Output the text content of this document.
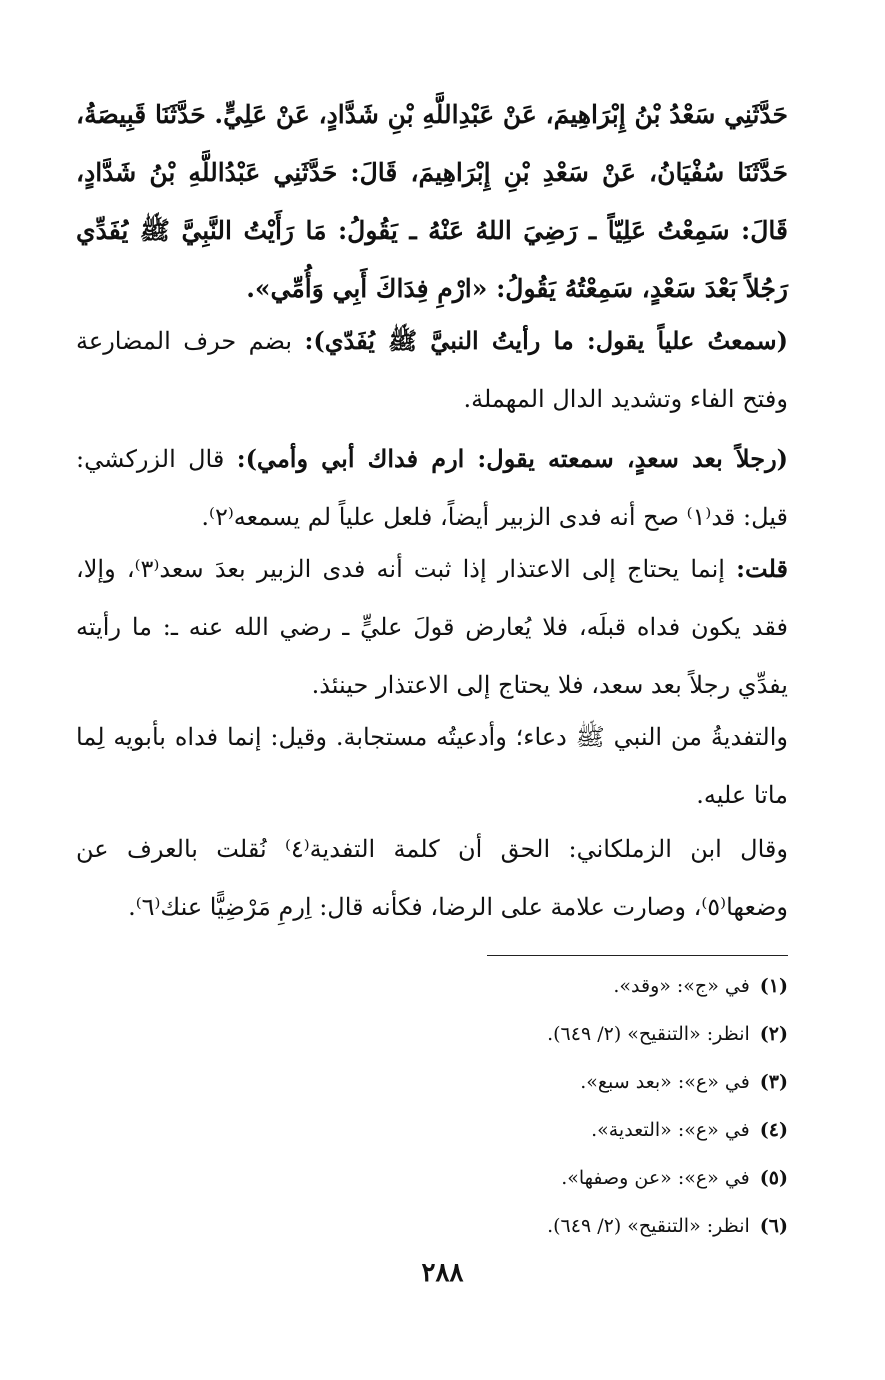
حَدَّثَنِي سَعْدُ بْنُ إِبْرَاهِيمَ، عَنْ عَبْدِاللَّهِ بْنِ شَدَّادٍ، عَنْ عَلِيٍّ. حَدَّثَنَا قَبِيصَةُ، حَدَّثَنَا سُفْيَانُ، عَنْ سَعْدِ بْنِ إِبْرَاهِيمَ، قَالَ: حَدَّثَنِي عَبْدُاللَّهِ بْنُ شَدَّادٍ، قَالَ: سَمِعْتُ عَلِيّاً ـ رَضِيَ اللهُ عَنْهُ ـ يَقُولُ: مَا رَأَيْتُ النَّبِيَّ ﷺ يُفَدِّي رَجُلاً بَعْدَ سَعْدٍ، سَمِعْتُهُ يَقُولُ: «ارْمِ فِدَاكَ أَبِي وَأُمِّي».

(سمعتُ علياً يقول: ما رأيتُ النبيَّ ﷺ يُفَدّي): بضم حرف المضارعة وفتح الفاء وتشديد الدال المهملة.

(رجلاً بعد سعدٍ، سمعته يقول: ارم فداك أبي وأمي): قال الزركشي: قيل: قد⁽١⁾ صح أنه فدى الزبير أيضاً، فلعل علياً لم يسمعه⁽٢⁾.

قلت: إنما يحتاج إلى الاعتذار إذا ثبت أنه فدى الزبير بعدَ سعد⁽٣⁾، وإلا، فقد يكون فداه قبلَه، فلا يُعارض قولَ عليٍّ ـ رضي الله عنه ـ: ما رأيته يفدِّي رجلاً بعد سعد، فلا يحتاج إلى الاعتذار حينئذ.

والتفديةُ من النبي ﷺ دعاء؛ وأدعيتُه مستجابة. وقيل: إنما فداه بأبويه لِما ماتا عليه.

وقال ابن الزملكاني: الحق أن كلمة التفدية⁽٤⁾ نُقلت بالعرف عن وضعها⁽٥⁾، وصارت علامة على الرضا، فكأنه قال: اِرمِ مَرْضِيًّا عنك⁽٦⁾.

(١)في «ج»: «وقد».
(٢)انظر: «التنقيح» (٢/ ٦٤٩).
(٣)في «ع»: «بعد سبع».
(٤)في «ع»: «التعدية».
(٥)في «ع»: «عن وصفها».
(٦)انظر: «التنقيح» (٢/ ٦٤٩).
٢٨٨
